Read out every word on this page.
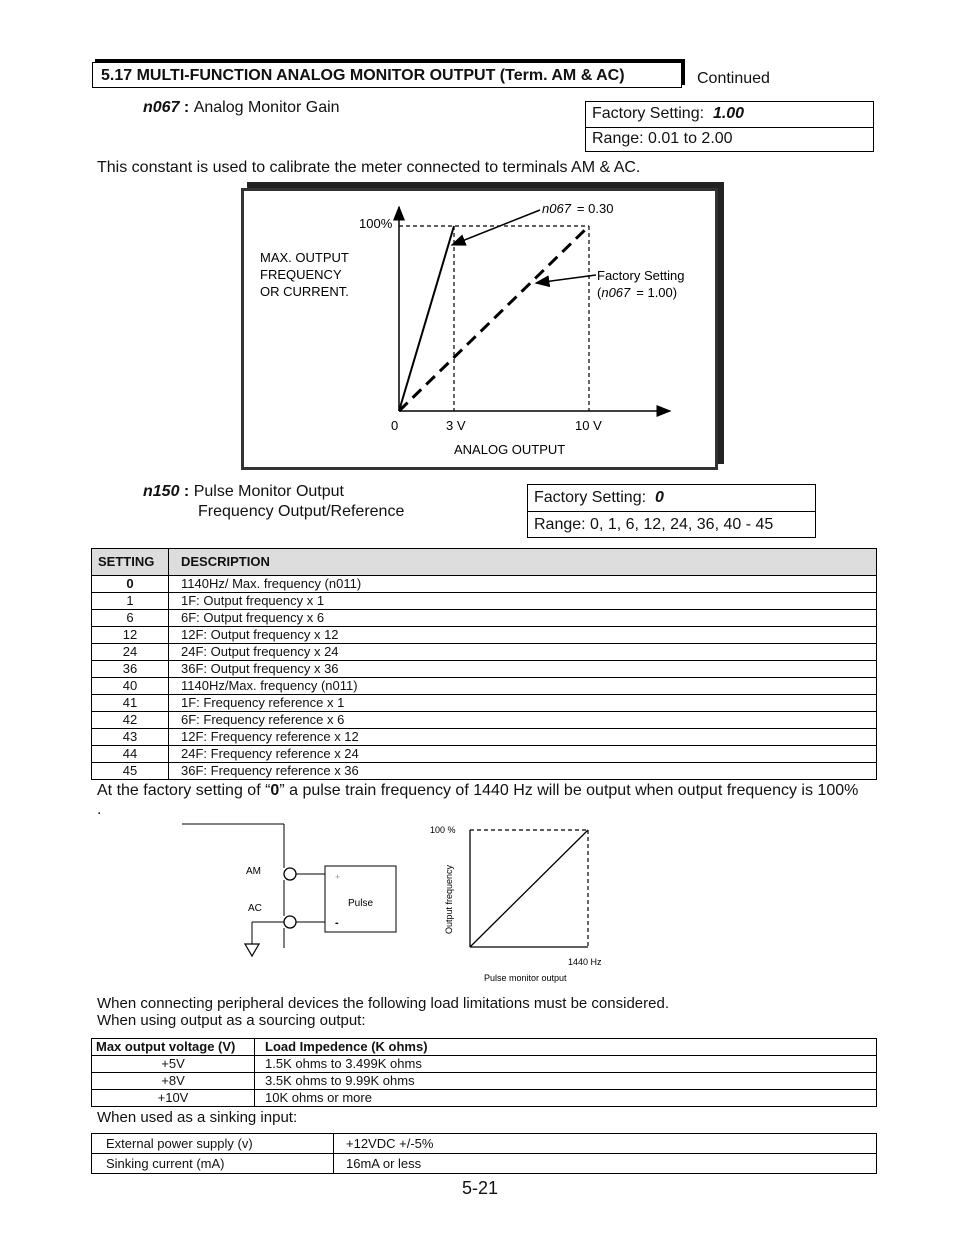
5.17 MULTI-FUNCTION ANALOG MONITOR OUTPUT (Term. AM & AC)	Continued
n067 : Analog Monitor Gain	Factory Setting:
1.00
Range: 0.01 to 2.00
This constant is used to calibrate the meter connected to terminals AM & AC.
100%
MAX. OUTPUT
FREQUENCY
OR CURRENT.
0	3 V	10 V
ANALOG OUTPUT
n067 = 0.30
Factory Setting
(n067 = 1.00)
n150 : Pulse Monitor Output
Frequency Output/Reference
Factory Setting:
0
Range: 0, 1, 6, 12, 24, 36, 40 - 45
SETTING	DESCRIPTION
0	1140Hz/ Max. frequency (n011)
1	1F: Output frequency x 1
6	6F: Output frequency x 6
12	12F: Output frequency x 12
24	24F: Output frequency x 24
36	36F: Output frequency x 36
40	1140Hz/Max. frequency (n011)
41	1F: Frequency reference x 1
42	6F: Frequency reference x 6
43	12F: Frequency reference x 12
44	24F: Frequency reference x 24
45	36F: Frequency reference x 36
At the factory setting of “0” a pulse train frequency of 1440 Hz will be output when output frequency is 100% .
AM
AC	Pulse
+
-
100 %
Output frequency
1440 Hz
Pulse monitor output
When connecting peripheral devices the following load limitations must be considered.
When using output as a sourcing output:
Max output voltage (V)	Load Impedence (K ohms)
+5V	1.5K ohms to 3.499K ohms
+8V	3.5K ohms to 9.99K ohms
+10V	10K ohms or more
When used as a sinking input:
External power supply (v)	+12VDC +/-5%
Sinking current (mA)	16mA or less
5-21
